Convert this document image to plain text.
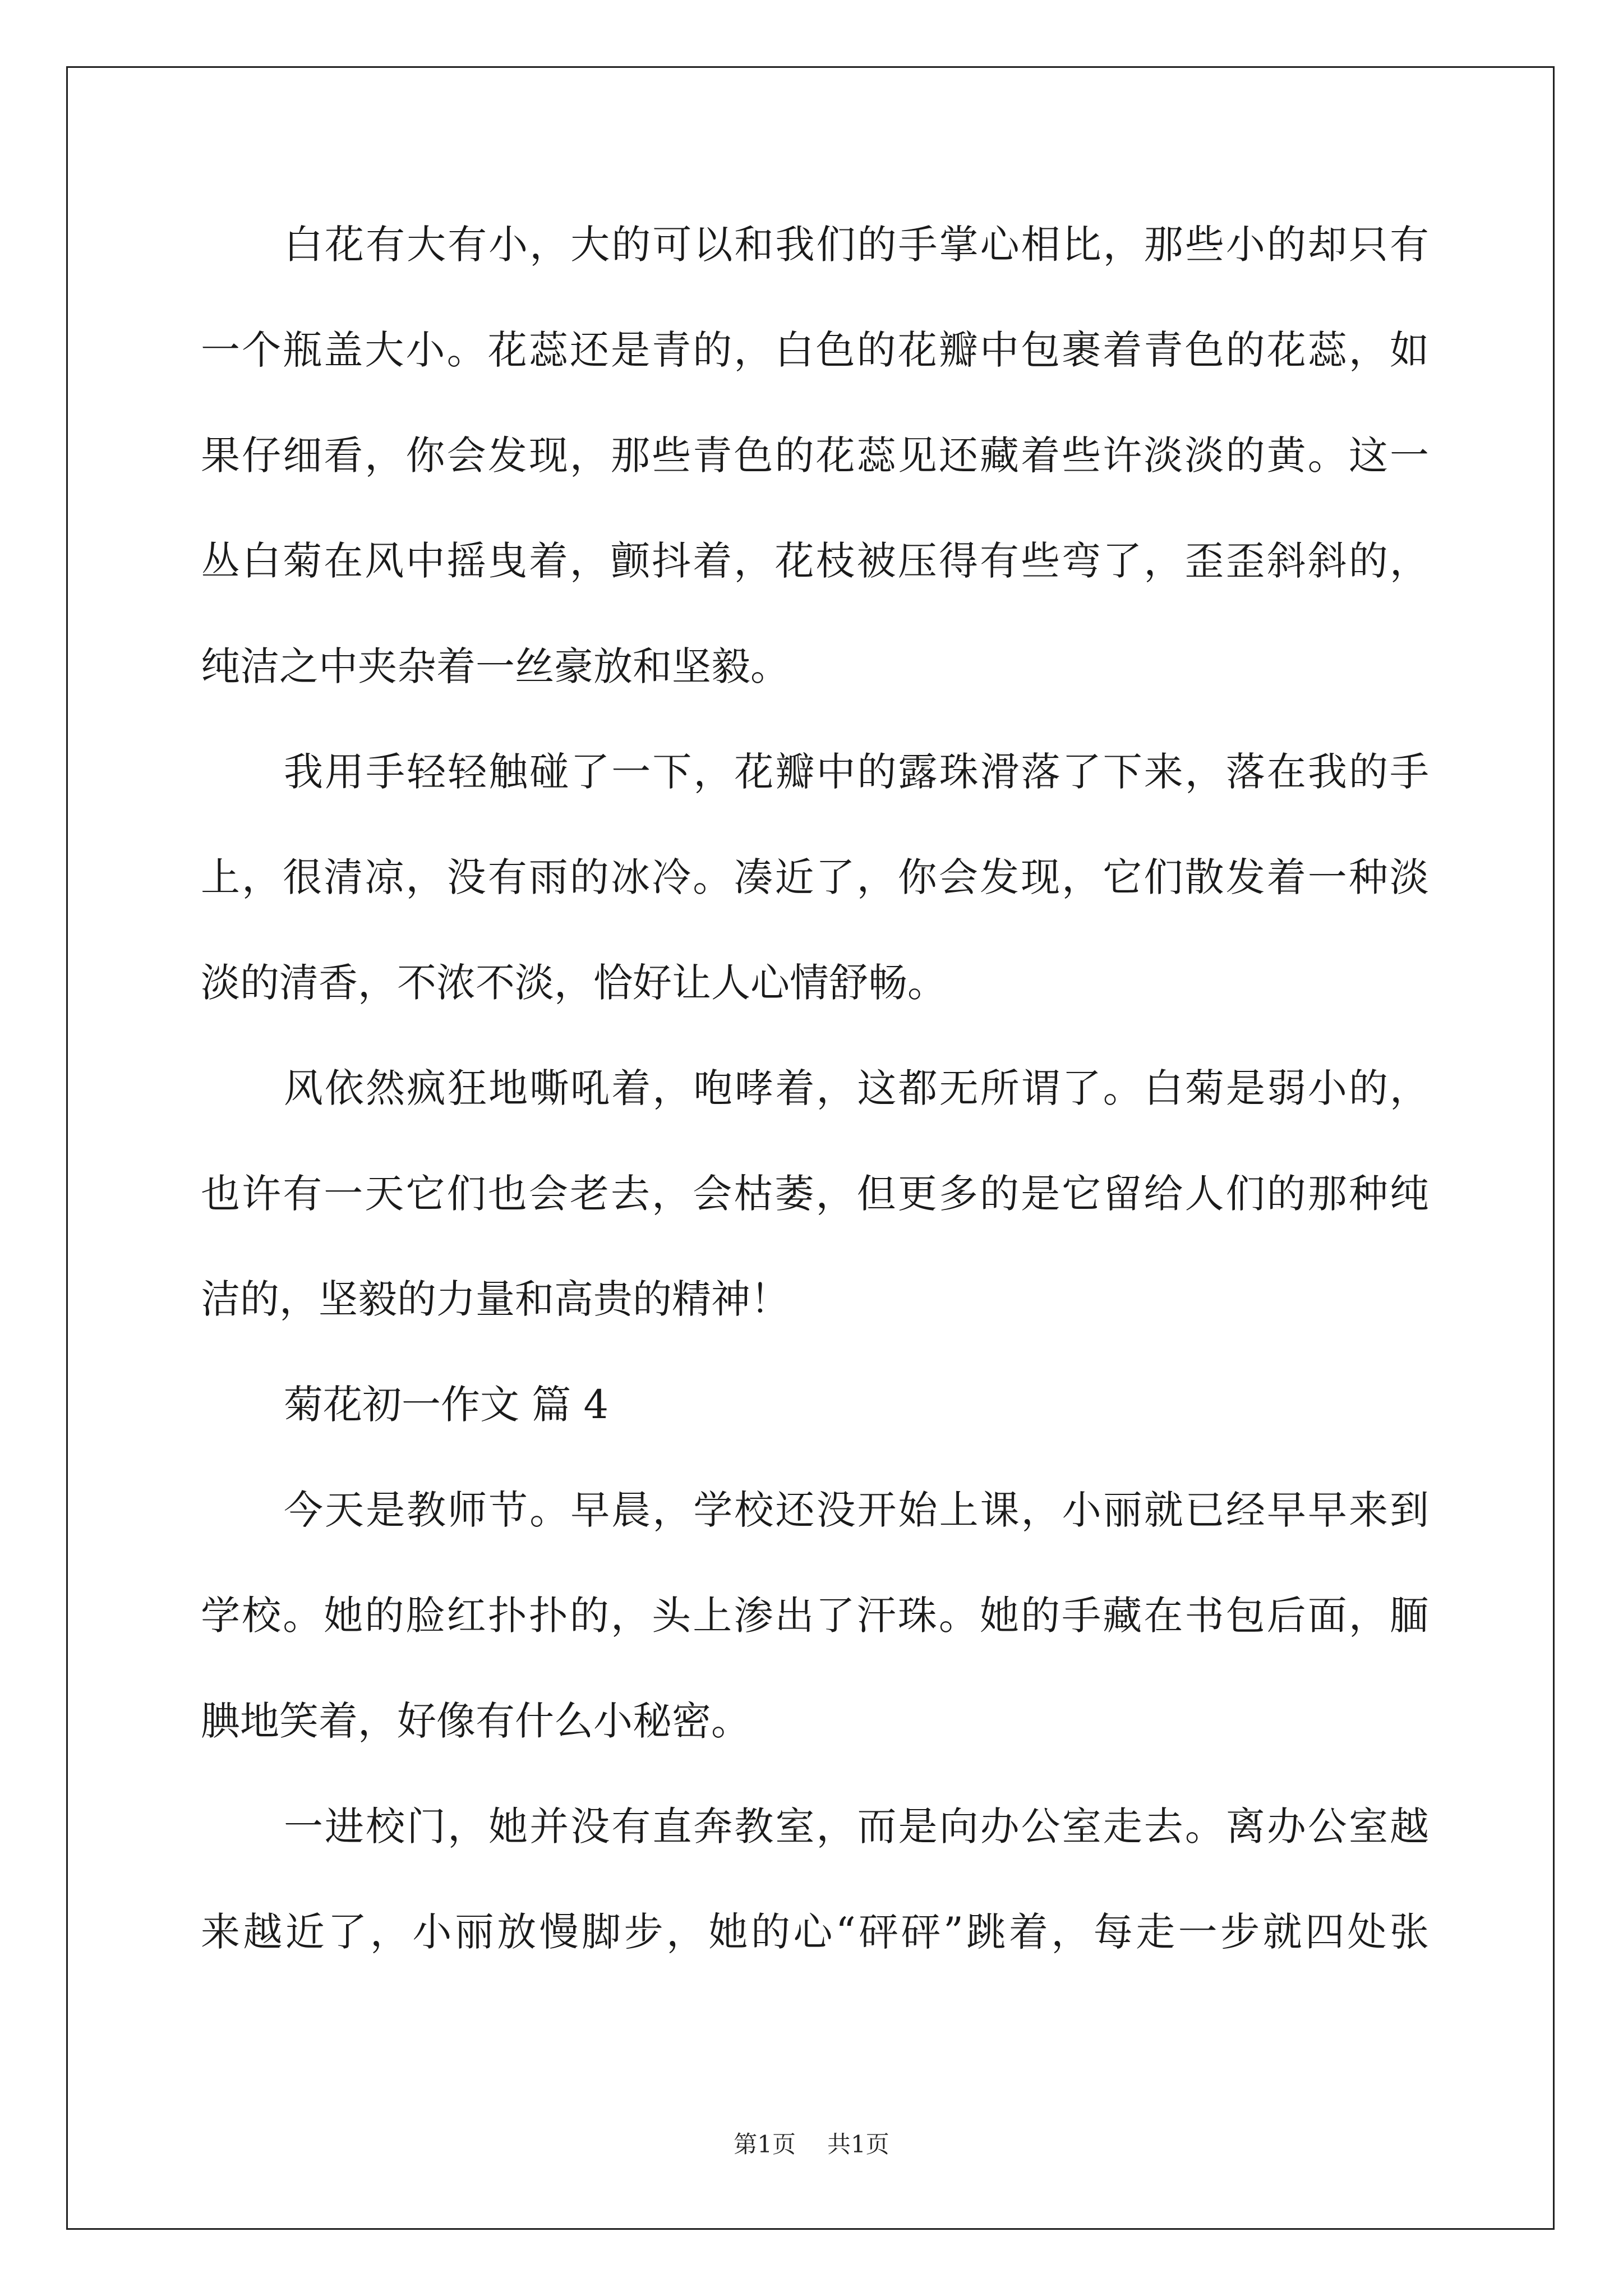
白花有大有小，大的可以和我们的手掌心相比，那些小的却只有
一个瓶盖大小。花蕊还是青的，白色的花瓣中包裹着青色的花蕊，如
果仔细看，你会发现，那些青色的花蕊见还藏着些许淡淡的黄。这一
丛白菊在风中摇曳着，颤抖着，花枝被压得有些弯了，歪歪斜斜的，
纯洁之中夹杂着一丝豪放和坚毅。
我用手轻轻触碰了一下，花瓣中的露珠滑落了下来，落在我的手
上，很清凉，没有雨的冰冷。凑近了，你会发现，它们散发着一种淡
淡的清香，不浓不淡，恰好让人心情舒畅。
风依然疯狂地嘶吼着，咆哮着，这都无所谓了。白菊是弱小的，
也许有一天它们也会老去，会枯萎，但更多的是它留给人们的那种纯
洁的，坚毅的力量和高贵的精神！
菊花初一作文 篇 4
今天是教师节。早晨，学校还没开始上课，小丽就已经早早来到
学校。她的脸红扑扑的，头上渗出了汗珠。她的手藏在书包后面，腼
腆地笑着，好像有什么小秘密。
一进校门，她并没有直奔教室，而是向办公室走去。离办公室越
来越近了，小丽放慢脚步，她的心“砰砰”跳着，每走一步就四处张
第1页 共1页
